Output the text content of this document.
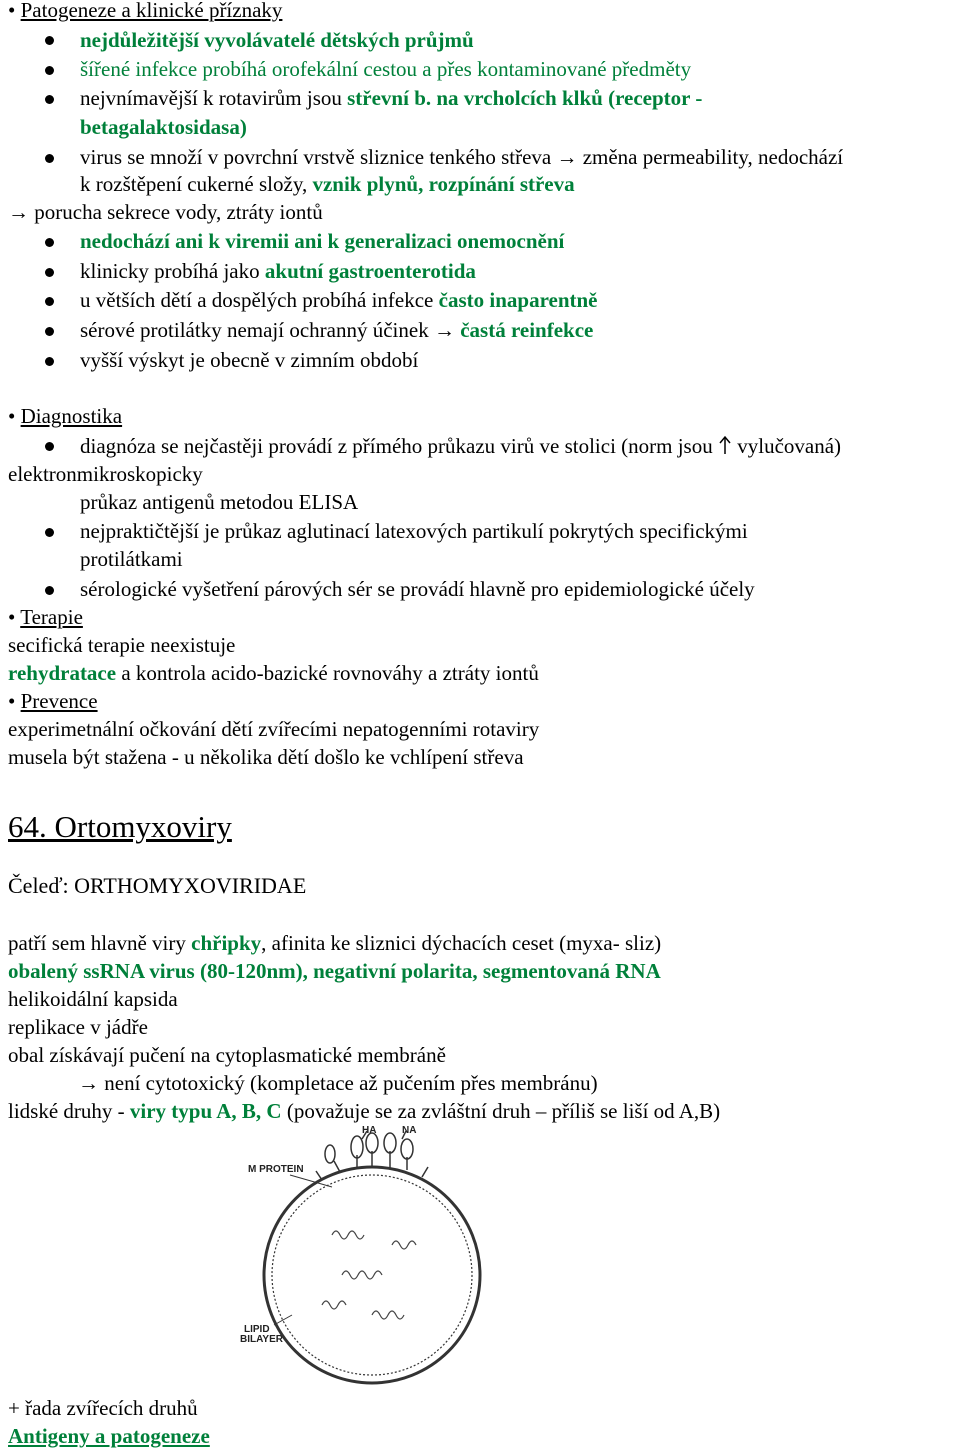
• Patogeneze a klinické příznaky
nejdůležitější vyvolávatelé dětských průjmů
šířené infekce probíhá orofekální cestou a přes kontaminované předměty
nejvnímavější k rotavirům jsou střevní b. na vrcholcích klků (receptor -
betagalaktosidasa)
virus se množí v povrchní vrstvě sliznice tenkého střeva → změna permeability, nedochází
k rozštěpení cukerné složy, vznik plynů, rozpínání střeva
→ porucha sekrece vody, ztráty iontů
nedochází ani k viremii ani k generalizaci onemocnění
klinicky probíhá jako akutní gastroenterotida
u větších dětí a dospělých probíhá infekce často inaparentně
sérové protilátky nemají ochranný účinek → častá reinfekce
vyšší výskyt je obecně v zimním období
• Diagnostika
diagnóza se nejčastěji provádí z přímého průkazu virů ve stolici (norm jsou vylučovaná)
elektronmikroskopicky
průkaz antigenů metodou ELISA
nejpraktičtější je průkaz aglutinací latexových partikulí pokrytých specifickými
protilátkami
sérologické vyšetření párových sér se provádí hlavně pro epidemiologické účely
• Terapie
secifická terapie neexistuje
rehydratace a kontrola acido-bazické rovnováhy a ztráty iontů
• Prevence
experimetnální očkování dětí zvířecími nepatogenními rotaviry
musela být stažena - u několika dětí došlo ke vchlípení střeva
64. Ortomyxoviry
Čeleď: ORTHOMYXOVIRIDAE
patří sem hlavně viry chřipky, afinita ke sliznici dýchacích ceset (myxa- sliz)
obalený ssRNA virus (80-120nm), negativní polarita, segmentovaná RNA
helikoidální kapsida
replikace v jádře
obal získávají pučení na cytoplasmatické membráně
→ není cytotoxický (kompletace až pučením přes membránu)
lidské druhy - viry typu A, B, C (považuje se za zvláštní druh – příliš se liší od A,B)
HA	NA
M PROTEIN
LIPID
BILAYER
+ řada zvířecích druhů
Antigeny a patogeneze
